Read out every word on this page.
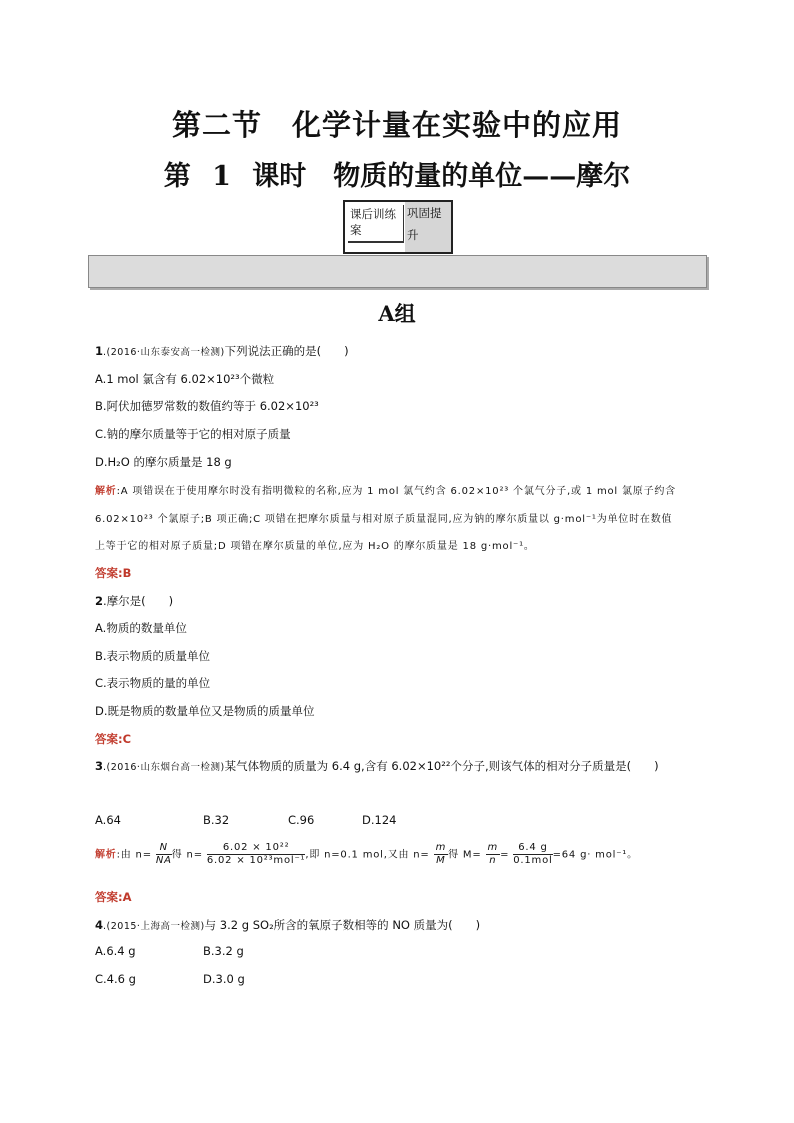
第二节　化学计量在实验中的应用
第 1 课时　物质的量的单位——摩尔
课后训练案
巩固提升
A组
1.(2016·山东泰安高一检测)下列说法正确的是(　　)
A.1 mol 氯含有 6.02×10²³个微粒
B.阿伏加德罗常数的数值约等于 6.02×10²³
C.钠的摩尔质量等于它的相对原子质量
D.H₂O 的摩尔质量是 18 g
解析:A 项错误在于使用摩尔时没有指明微粒的名称,应为 1 mol 氯气约含 6.02×10²³ 个氯气分子,或 1 mol 氯原子约含
6.02×10²³ 个氯原子;B 项正确;C 项错在把摩尔质量与相对原子质量混同,应为钠的摩尔质量以 g·mol⁻¹为单位时在数值
上等于它的相对原子质量;D 项错在摩尔质量的单位,应为 H₂O 的摩尔质量是 18 g·mol⁻¹。
答案:B
2.摩尔是(　　)
A.物质的数量单位
B.表示物质的质量单位
C.表示物质的量的单位
D.既是物质的数量单位又是物质的质量单位
答案:C
3.(2016·山东烟台高一检测)某气体物质的质量为 6.4 g,含有 6.02×10²²个分子,则该气体的相对分子质量是(　　)
A.64	B.32	C.96	D.124
解析:由 $n= \frac{N}{NA}$ 得 $n= \frac{\text{6.02 × 10²²}}{\text{6.02 × 10²³mol⁻¹}}$ ,即 n=0.1 mol,又由 $n= \frac{m}{M}$ 得 $M= \frac{m}{n} = \frac{6.4 g}{\text{0.1mol}} =64$ g· mol⁻¹。
答案:A
4.(2015·上海高一检测)与 3.2 g SO₂所含的氧原子数相等的 NO 质量为(　　)
A.6.4 g	B.3.2 g
C.4.6 g	D.3.0 g
